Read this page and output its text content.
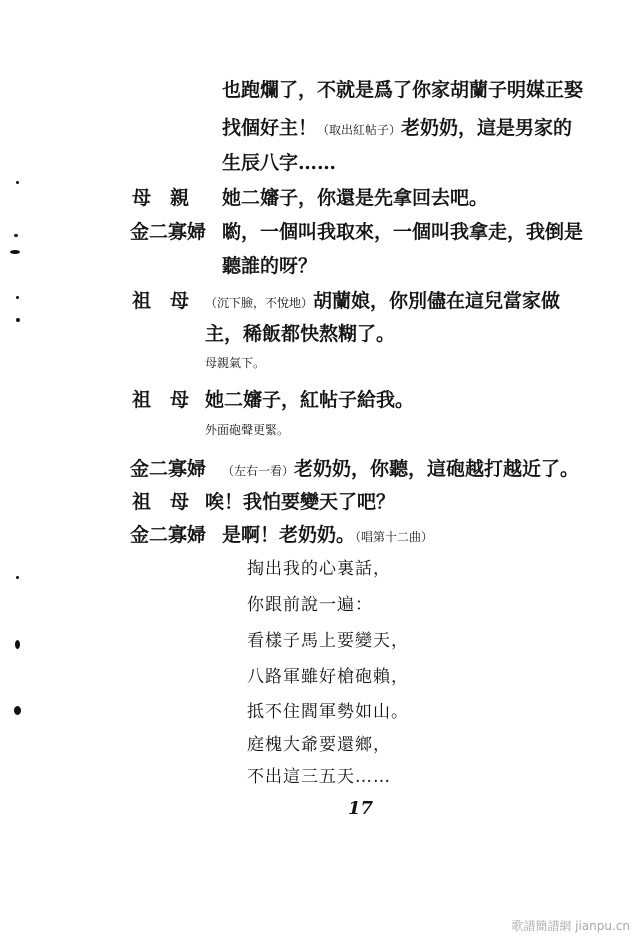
也跑爛了，不就是爲了你家胡蘭子明媒正娶
找個好主！（取出紅帖子）老奶奶，這是男家的
生辰八字……
母　親 她二嬸子，你還是先拿回去吧。
金二寡婦 喲，一個叫我取來，一個叫我拿走，我倒是
聽誰的呀？
祖　母 （沉下臉，不悅地）胡蘭娘，你別儘在這兒當家做
主，稀飯都快熬糊了。
母親氣下。
祖　母 她二嬸子，紅帖子給我。
外面砲聲更緊。
金二寡婦 （左右一看）老奶奶，你聽，這砲越打越近了。
祖　母 唉！我怕要變天了吧？
金二寡婦 是啊！老奶奶。（唱第十二曲）
掏出我的心裏話，
你跟前說一遍：
看樣子馬上要變天，
八路軍雖好槍砲賴，
抵不住閻軍勢如山。
庭槐大爺要還鄉，
不出這三五天……
17
歌譜簡譜網 jianpu.cn
